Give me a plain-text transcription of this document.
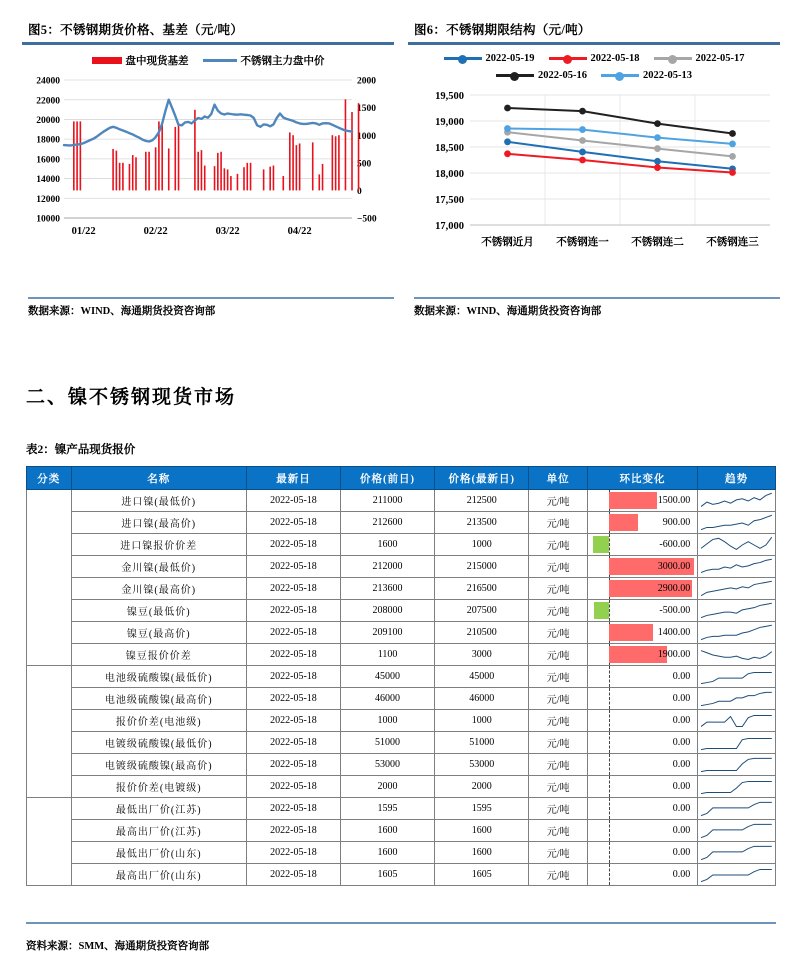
图5：不锈钢期货价格、基差（元/吨）
盘中现货基差	不锈钢主力盘中价
10000
12000
14000
16000
18000
20000
22000
24000
−500
0
500
1000
1500
2000
01/22	02/22	03/22	04/22
数据来源：WIND、海通期货投资咨询部
图6：不锈钢期限结构（元/吨）
2022-05-19	2022-05-18	2022-05-17
2022-05-16	2022-05-13
17,000
17,500
18,000
18,500
19,000
19,500
不锈钢近月 不锈钢连一 不锈钢连二 不锈钢连三
数据来源：WIND、海通期货投资咨询部
二、镍不锈钢现货市场
表2：镍产品现货报价
分类	名称	最新日	价格(前日)	价格(最新日)	单位	环比变化	趋势
电解镍	进口镍(最低价)	2022-05-18	211000	212500	元/吨	1500.00

	进口镍(最高价)	2022-05-18	212600	213500	元/吨	900.00

	进口镍报价价差	2022-05-18	1600	1000	元/吨	-600.00

	金川镍(最低价)	2022-05-18	212000	215000	元/吨	3000.00

	金川镍(最高价)	2022-05-18	213600	216500	元/吨	2900.00

	镍豆(最低价)	2022-05-18	208000	207500	元/吨	-500.00

	镍豆(最高价)	2022-05-18	209100	210500	元/吨	1400.00

	镍豆报价价差	2022-05-18	1100	3000	元/吨	1900.00

硫酸镍	电池级硫酸镍(最低价)	2022-05-18	45000	45000	元/吨	0.00

	电池级硫酸镍(最高价)	2022-05-18	46000	46000	元/吨	0.00

	报价价差(电池级)	2022-05-18	1000	1000	元/吨	0.00

	电镀级硫酸镍(最低价)	2022-05-18	51000	51000	元/吨	0.00

	电镀级硫酸镍(最高价)	2022-05-18	53000	53000	元/吨	0.00

	报价价差(电镀级)	2022-05-18	2000	2000	元/吨	0.00

NPI	最低出厂价(江苏)	2022-05-18	1595	1595	元/吨	0.00

	最高出厂价(江苏)	2022-05-18	1600	1600	元/吨	0.00

	最低出厂价(山东)	2022-05-18	1600	1600	元/吨	0.00

	最高出厂价(山东)	2022-05-18	1605	1605	元/吨	0.00

资料来源：SMM、海通期货投资咨询部
